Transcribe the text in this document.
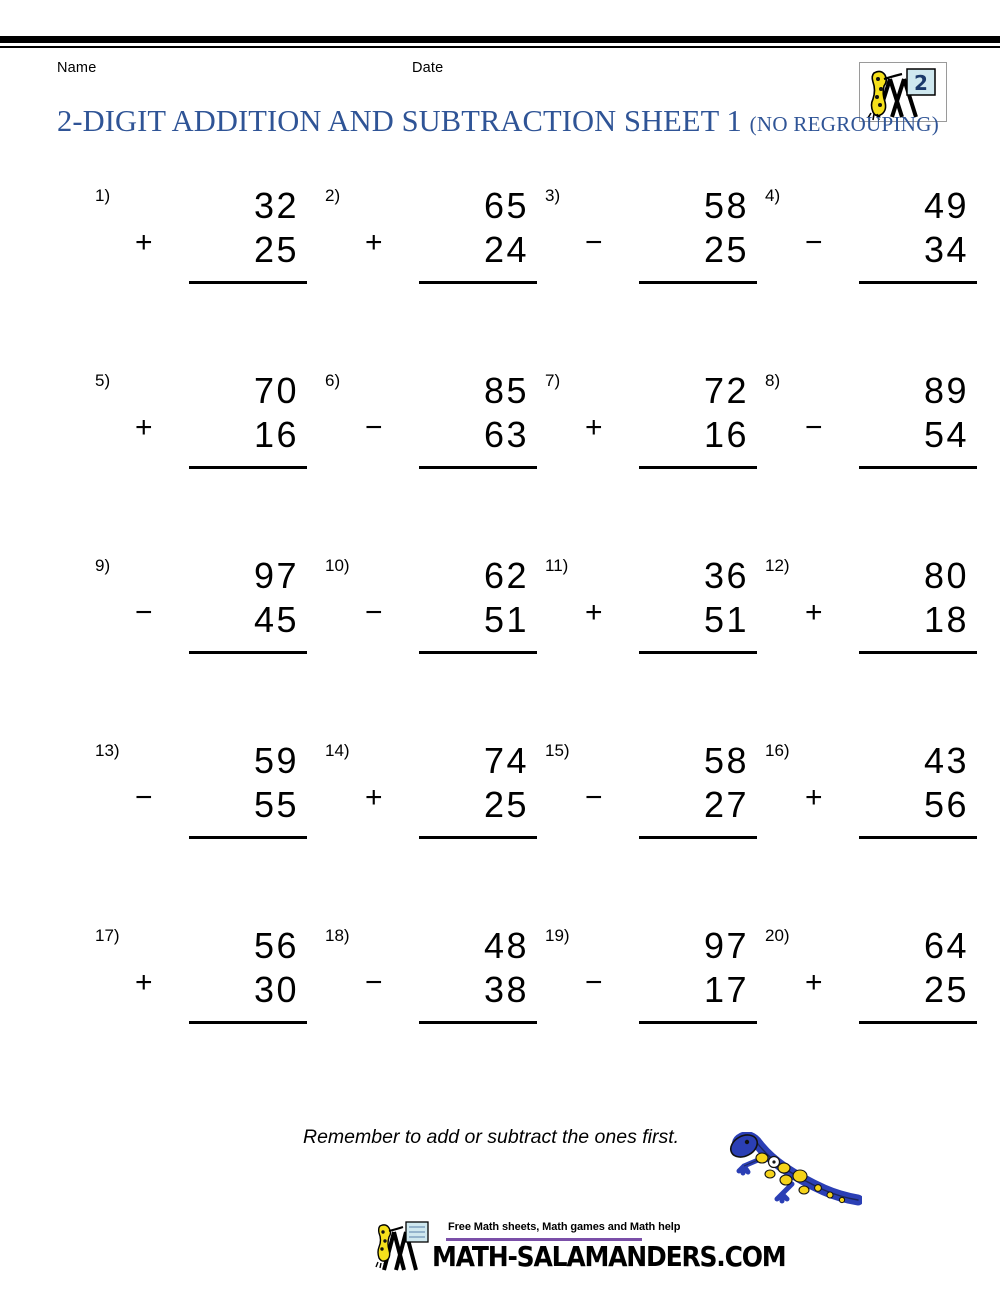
Name	Date
2
2-DIGIT ADDITION AND SUBTRACTION SHEET 1 (NO REGROUPING)
1)	32
+	25
2)	65
+	24
3)	58
−	25
4)	49
−	34
5)	70
+	16
6)	85
−	63
7)	72
+	16
8)	89
−	54
9)	97
−	45
10)	62
−	51
11)	36
+	51
12)	80
+	18
13)	59
−	55
14)	74
+	25
15)	58
−	27
16)	43
+	56
17)	56
+	30
18)	48
−	38
19)	97
−	17
20)	64
+	25
Remember to add or subtract the ones first.
Free Math sheets, Math games and Math help
MATH-SALAMANDERS.COM
